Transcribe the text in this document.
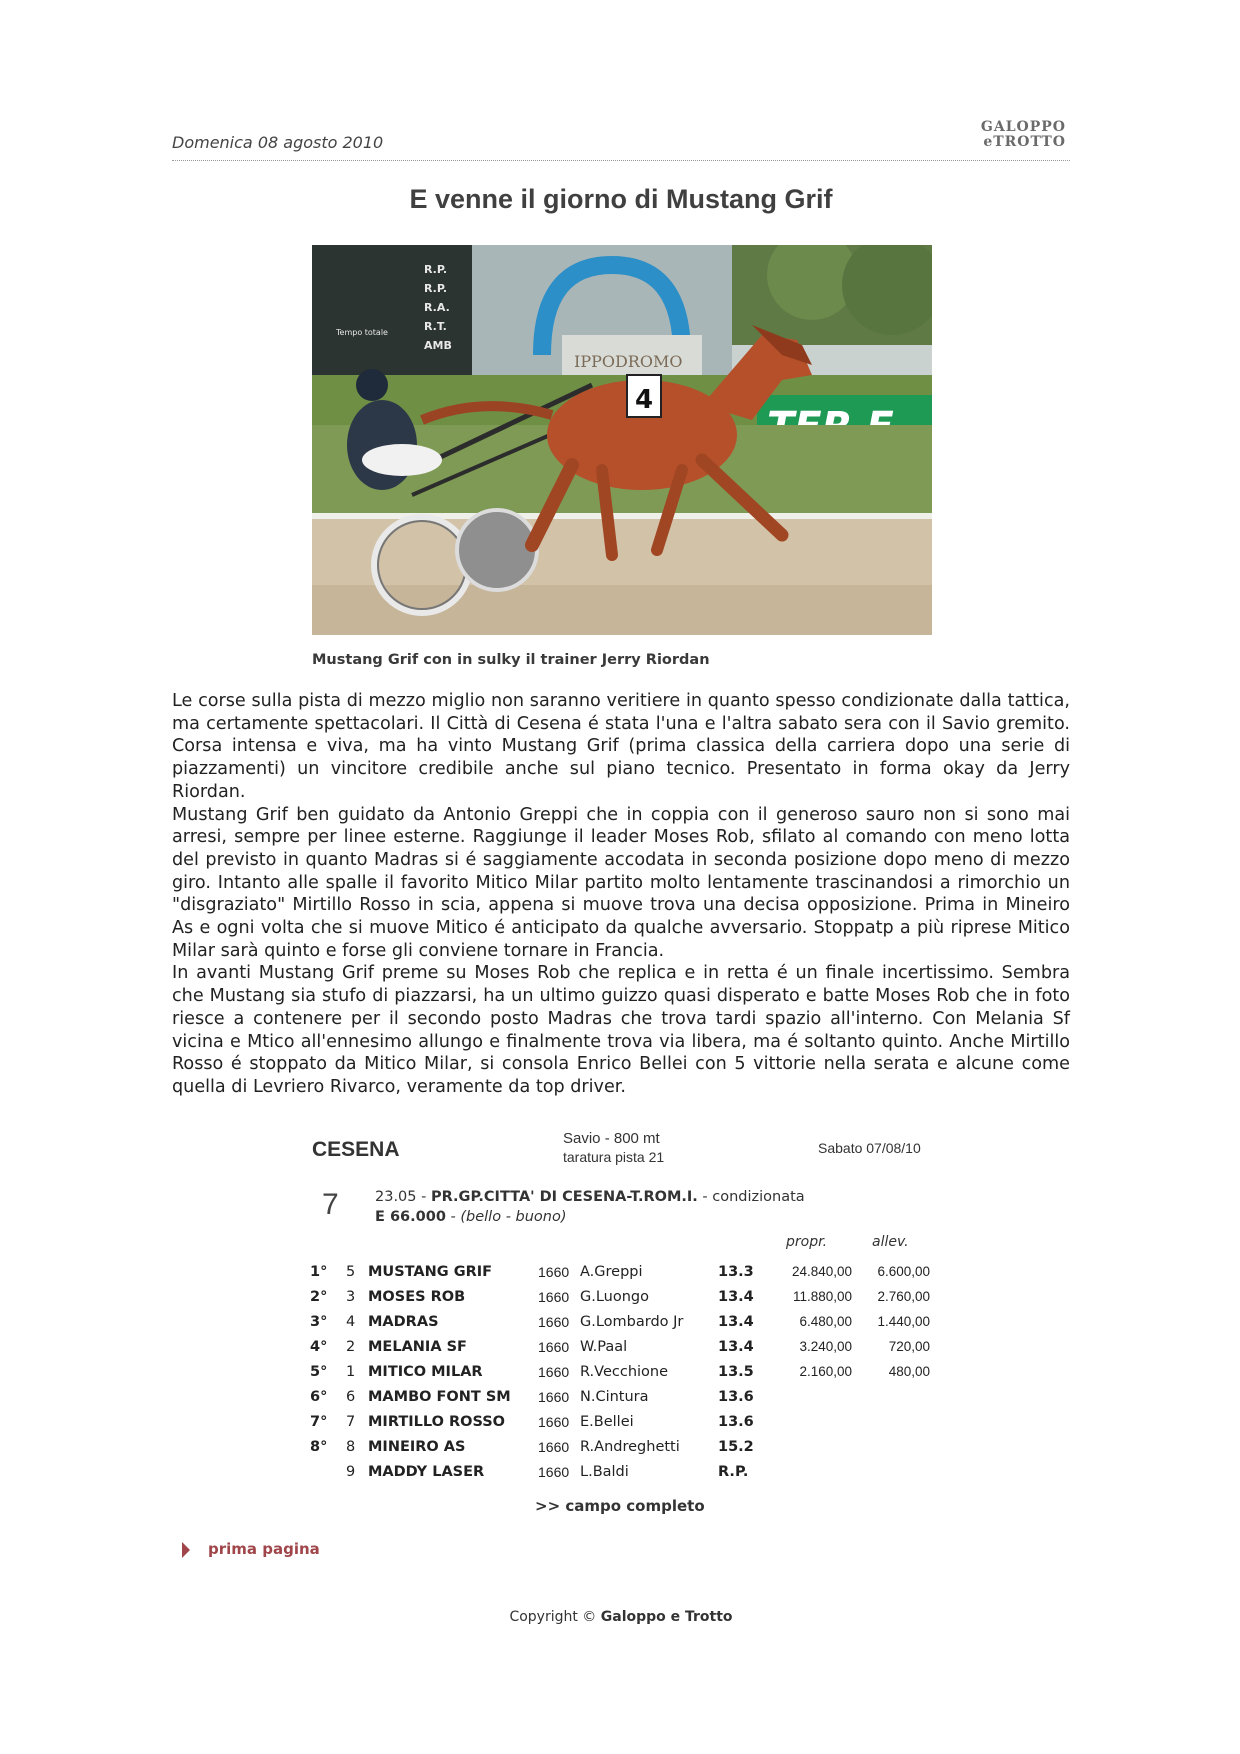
Domenica 08 agosto 2010
GALOPPO
eTROTTO
E venne il giorno di Mustang Grif
R.P.
R.P.
R.A.
R.T.
AMB
Tempo totale
IPPODROMO
4
Mustang Grif con in sulky il trainer Jerry Riordan

Le corse sulla pista di mezzo miglio non saranno veritiere in quanto spesso condizionate dalla tattica, ma certamente spettacolari. Il Città di Cesena é stata l'una e l'altra sabato sera con il Savio gremito. Corsa intensa e viva, ma ha vinto Mustang Grif (prima classica della carriera dopo una serie di piazzamenti) un vincitore credibile anche sul piano tecnico. Presentato in forma okay da Jerry Riordan.

Mustang Grif ben guidato da Antonio Greppi che in coppia con il generoso sauro non si sono mai arresi, sempre per linee esterne. Raggiunge il leader Moses Rob, sfilato al comando con meno lotta del previsto in quanto Madras si é saggiamente accodata in seconda posizione dopo meno di mezzo giro. Intanto alle spalle il favorito Mitico Milar partito molto lentamente trascinandosi a rimorchio un "disgraziato" Mirtillo Rosso in scia, appena si muove trova una decisa opposizione. Prima in Mineiro As e ogni volta che si muove Mitico é anticipato da qualche avversario. Stoppatp a più riprese Mitico Milar sarà quinto e forse gli conviene tornare in Francia.

In avanti Mustang Grif preme su Moses Rob che replica e in retta é un finale incertissimo. Sembra che Mustang sia stufo di piazzarsi, ha un ultimo guizzo quasi disperato e batte Moses Rob che in foto riesce a contenere per il secondo posto Madras che trova tardi spazio all'interno. Con Melania Sf vicina e Mtico all'ennesimo allungo e finalmente trova via libera, ma é soltanto quinto. Anche Mirtillo Rosso é stoppato da Mitico Milar, si consola Enrico Bellei con 5 vittorie nella serata e alcune come quella di Levriero Rivarco, veramente da top driver.

CESENA	Savio - 800 mt
taratura pista 21
Sabato 07/08/10
7	23.05 - PR.GP.CITTA' DI CESENA-T.ROM.I. - condizionata
E 66.000 - (bello - buono)
propr.	allev.
1°	5	MUSTANG GRIF	1660	A.Greppi	13.3	24.840,00	6.600,00
2°	3	MOSES ROB	1660	G.Luongo	13.4	11.880,00	2.760,00
3°	4	MADRAS	1660	G.Lombardo Jr	13.4	6.480,00	1.440,00
4°	2	MELANIA SF	1660	W.Paal	13.4	3.240,00	720,00
5°	1	MITICO MILAR	1660	R.Vecchione	13.5	2.160,00	480,00
6°	6	MAMBO FONT SM	1660	N.Cintura	13.6		
7°	7	MIRTILLO ROSSO	1660	E.Bellei	13.6		
8°	8	MINEIRO AS	1660	R.Andreghetti	15.2		
	9	MADDY LASER	1660	L.Baldi	R.P.		
>> campo completo
prima pagina
Copyright © Galoppo e Trotto
